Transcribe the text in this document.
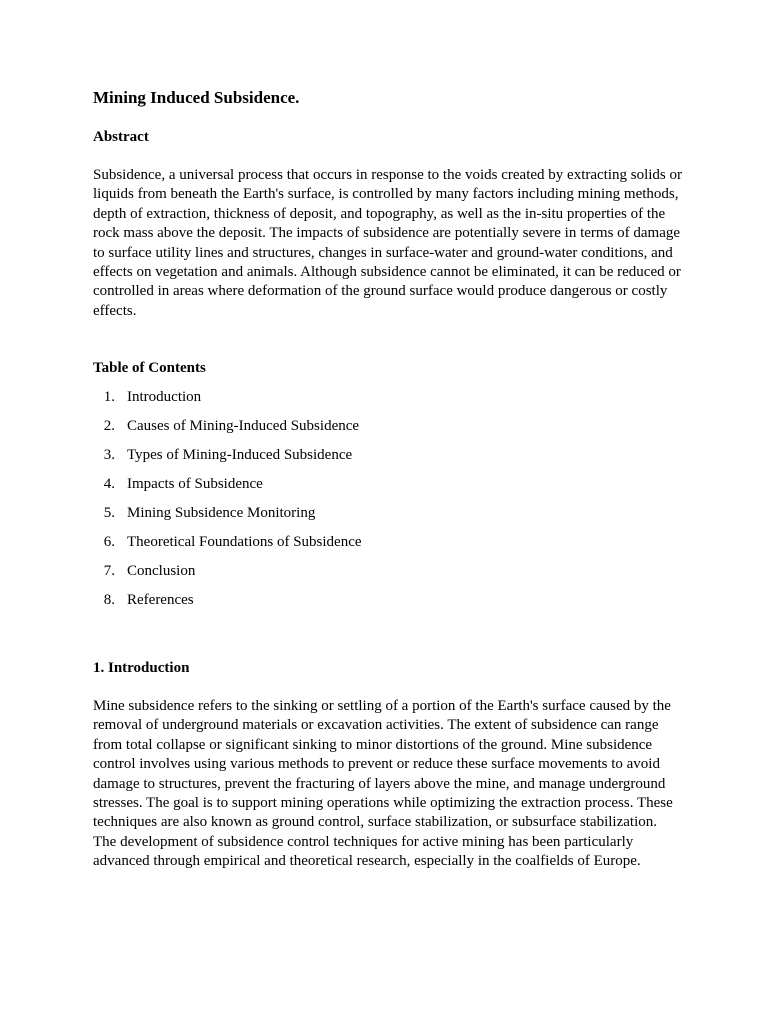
Mining Induced Subsidence.
Abstract

Subsidence, a universal process that occurs in response to the voids created by extracting solids or liquids from beneath the Earth's surface, is controlled by many factors including mining methods, depth of extraction, thickness of deposit, and topography, as well as the in-situ properties of the rock mass above the deposit. The impacts of subsidence are potentially severe in terms of damage to surface utility lines and structures, changes in surface-water and ground-water conditions, and effects on vegetation and animals. Although subsidence cannot be eliminated, it can be reduced or controlled in areas where deformation of the ground surface would produce dangerous or costly effects.

Table of Contents
1. Introduction
2. Causes of Mining-Induced Subsidence
3. Types of Mining-Induced Subsidence
4. Impacts of Subsidence
5. Mining Subsidence Monitoring
6. Theoretical Foundations of Subsidence
7. Conclusion
8. References
1. Introduction

Mine subsidence refers to the sinking or settling of a portion of the Earth's surface caused by the removal of underground materials or excavation activities. The extent of subsidence can range from total collapse or significant sinking to minor distortions of the ground. Mine subsidence control involves using various methods to prevent or reduce these surface movements to avoid damage to structures, prevent the fracturing of layers above the mine, and manage underground stresses. The goal is to support mining operations while optimizing the extraction process. These techniques are also known as ground control, surface stabilization, or subsurface stabilization. The development of subsidence control techniques for active mining has been particularly advanced through empirical and theoretical research, especially in the coalfields of Europe.
